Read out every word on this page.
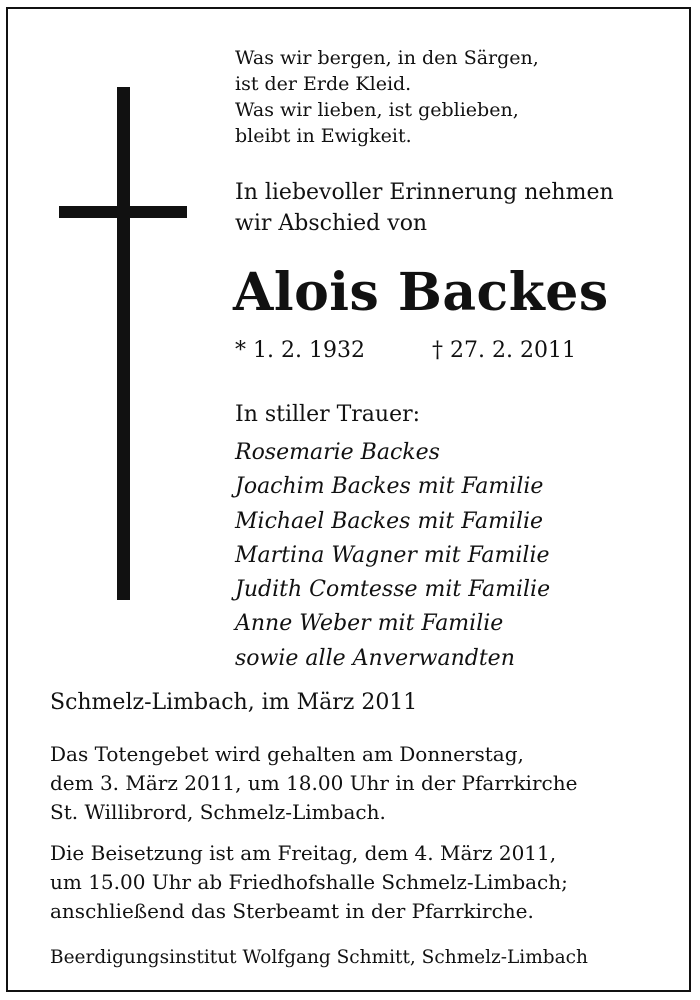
Was wir bergen, in den Särgen,
ist der Erde Kleid.
Was wir lieben, ist geblieben,
bleibt in Ewigkeit.
In liebevoller Erinnerung nehmen
wir Abschied von
Alois Backes
* 1. 2. 1932	† 27. 2. 2011
In stiller Trauer:
Rosemarie Backes
Joachim Backes mit Familie
Michael Backes mit Familie
Martina Wagner mit Familie
Judith Comtesse mit Familie
Anne Weber mit Familie
sowie alle Anverwandten
Schmelz-Limbach, im März 2011
Das Totengebet wird gehalten am Donnerstag,
dem 3. März 2011, um 18.00 Uhr in der Pfarrkirche
St. Willibrord, Schmelz-Limbach.
Die Beisetzung ist am Freitag, dem 4. März 2011,
um 15.00 Uhr ab Friedhofshalle Schmelz-Limbach;
anschließend das Sterbeamt in der Pfarrkirche.
Beerdigungsinstitut Wolfgang Schmitt, Schmelz-Limbach
